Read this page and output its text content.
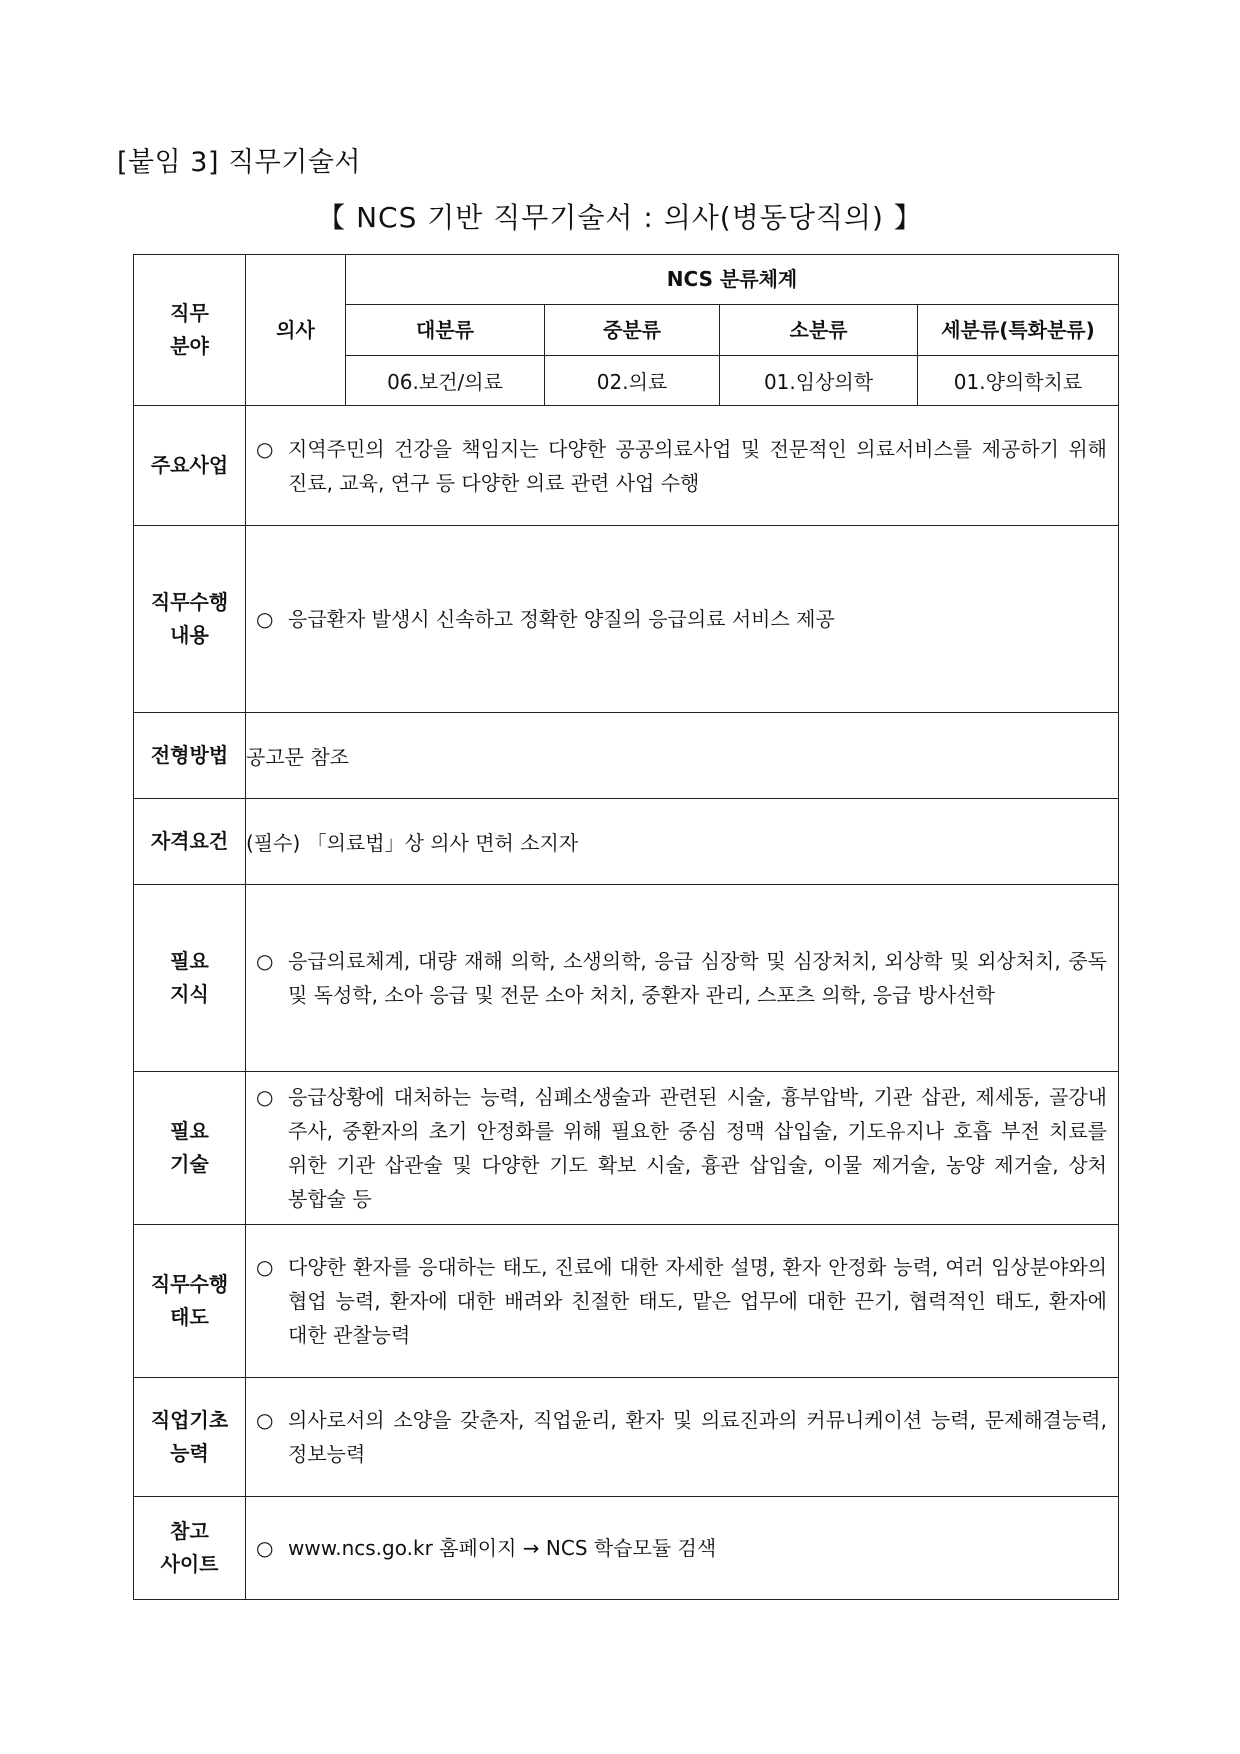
[붙임 3] 직무기술서
【 NCS 기반 직무기술서 : 의사(병동당직의) 】
직무
분야	의사	NCS 분류체계			
		대분류	중분류	소분류	세분류(특화분류)
		06.보건/의료	02.의료	01.임상의학	01.양의학치료
주요사업	○ 지역주민의 건강을 책임지는 다양한 공공의료사업 및 전문적인 의료서비스를 제공하기 위해 진료, 교육, 연구 등 다양한 의료 관련 사업 수행				

직무수행
내용	○ 응급환자 발생시 신속하고 정확한 양질의 응급의료 서비스 제공				

전형방법	공고문 참조				
자격요건	(필수) 「의료법」상 의사 면허 소지자				
필요
지식	○ 응급의료체계, 대량 재해 의학, 소생의학, 응급 심장학 및 심장처치, 외상학 및 외상처치, 중독 및 독성학, 소아 응급 및 전문 소아 처치, 중환자 관리, 스포츠 의학, 응급 방사선학				

필요
기술	○ 응급상황에 대처하는 능력, 심폐소생술과 관련된 시술, 흉부압박, 기관 삽관, 제세동, 골강내 주사, 중환자의 초기 안정화를 위해 필요한 중심 정맥 삽입술, 기도유지나 호흡 부전 치료를 위한 기관 삽관술 및 다양한 기도 확보 시술, 흉관 삽입술, 이물 제거술, 농양 제거술, 상처 봉합술 등				

직무수행
태도	○ 다양한 환자를 응대하는 태도, 진료에 대한 자세한 설명, 환자 안정화 능력, 여러 임상분야와의 협업 능력, 환자에 대한 배려와 친절한 태도, 맡은 업무에 대한 끈기, 협력적인 태도, 환자에 대한 관찰능력				

직업기초
능력	○ 의사로서의 소양을 갖춘자, 직업윤리, 환자 및 의료진과의 커뮤니케이션 능력, 문제해결능력, 정보능력				

참고
사이트	○ www.ncs.go.kr 홈페이지 → NCS 학습모듈 검색				
